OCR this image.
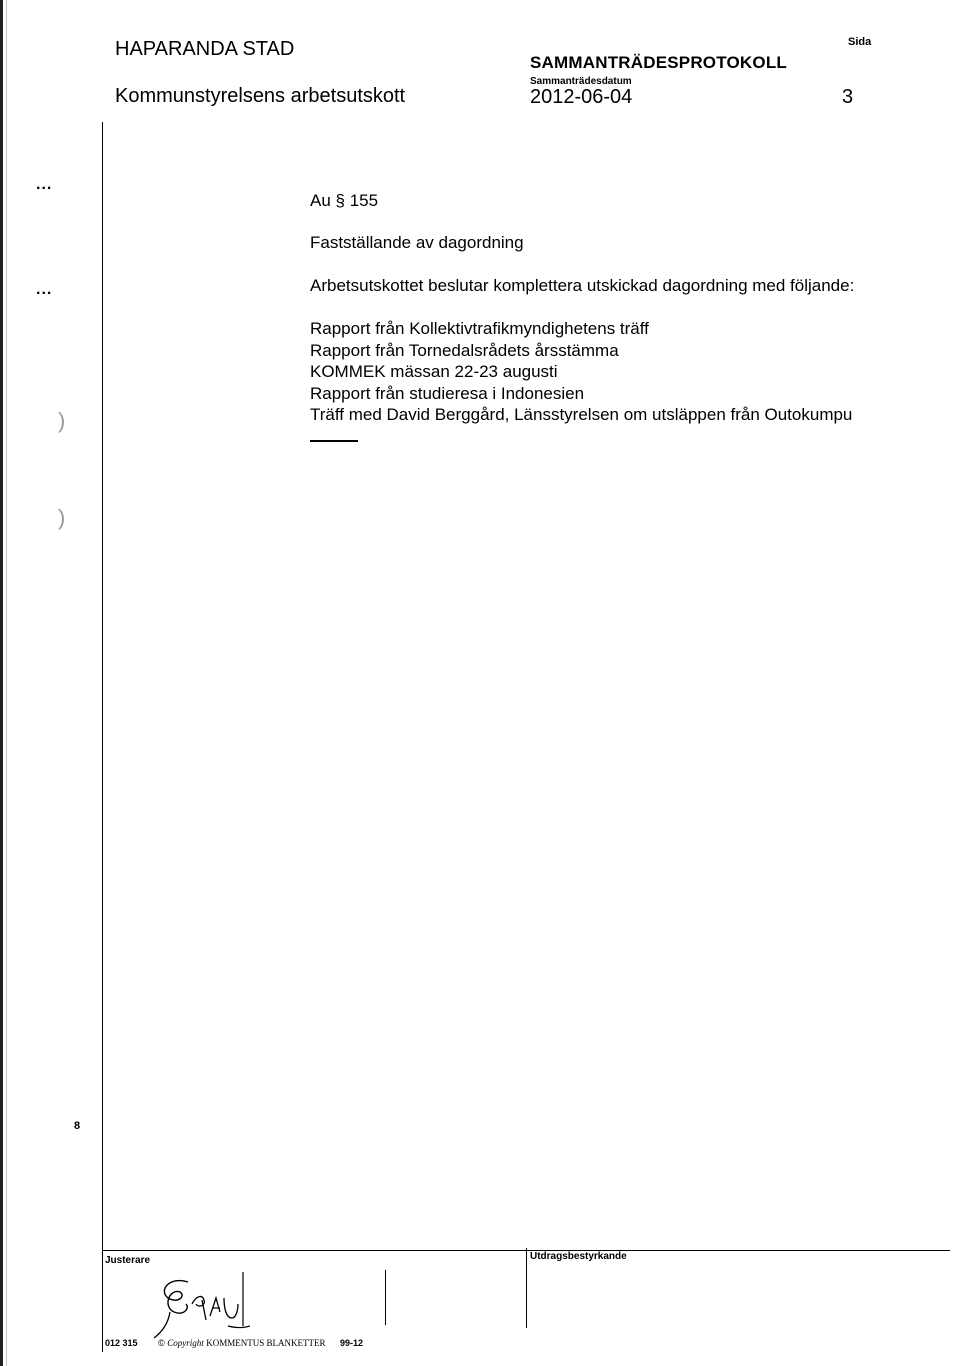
HAPARANDA STAD
Kommunstyrelsens arbetsutskott
SAMMANTRÄDESPROTOKOLL
Sammanträdesdatum
2012-06-04
Sida
3
...
...
)
)
8
Au § 155
Fastställande av dagordning
Arbetsutskottet beslutar komplettera utskickad dagordning med följande:
Rapport från Kollektivtrafikmyndighetens träff
Rapport från Tornedalsrådets årsstämma
KOMMEK mässan 22-23 augusti
Rapport från studieresa i Indonesien
Träff med David Berggård, Länsstyrelsen om utsläppen från Outokumpu
Justerare	Utdragsbestyrkande
012 315 © Copyright KOMMENTUS BLANKETTER 99-12
